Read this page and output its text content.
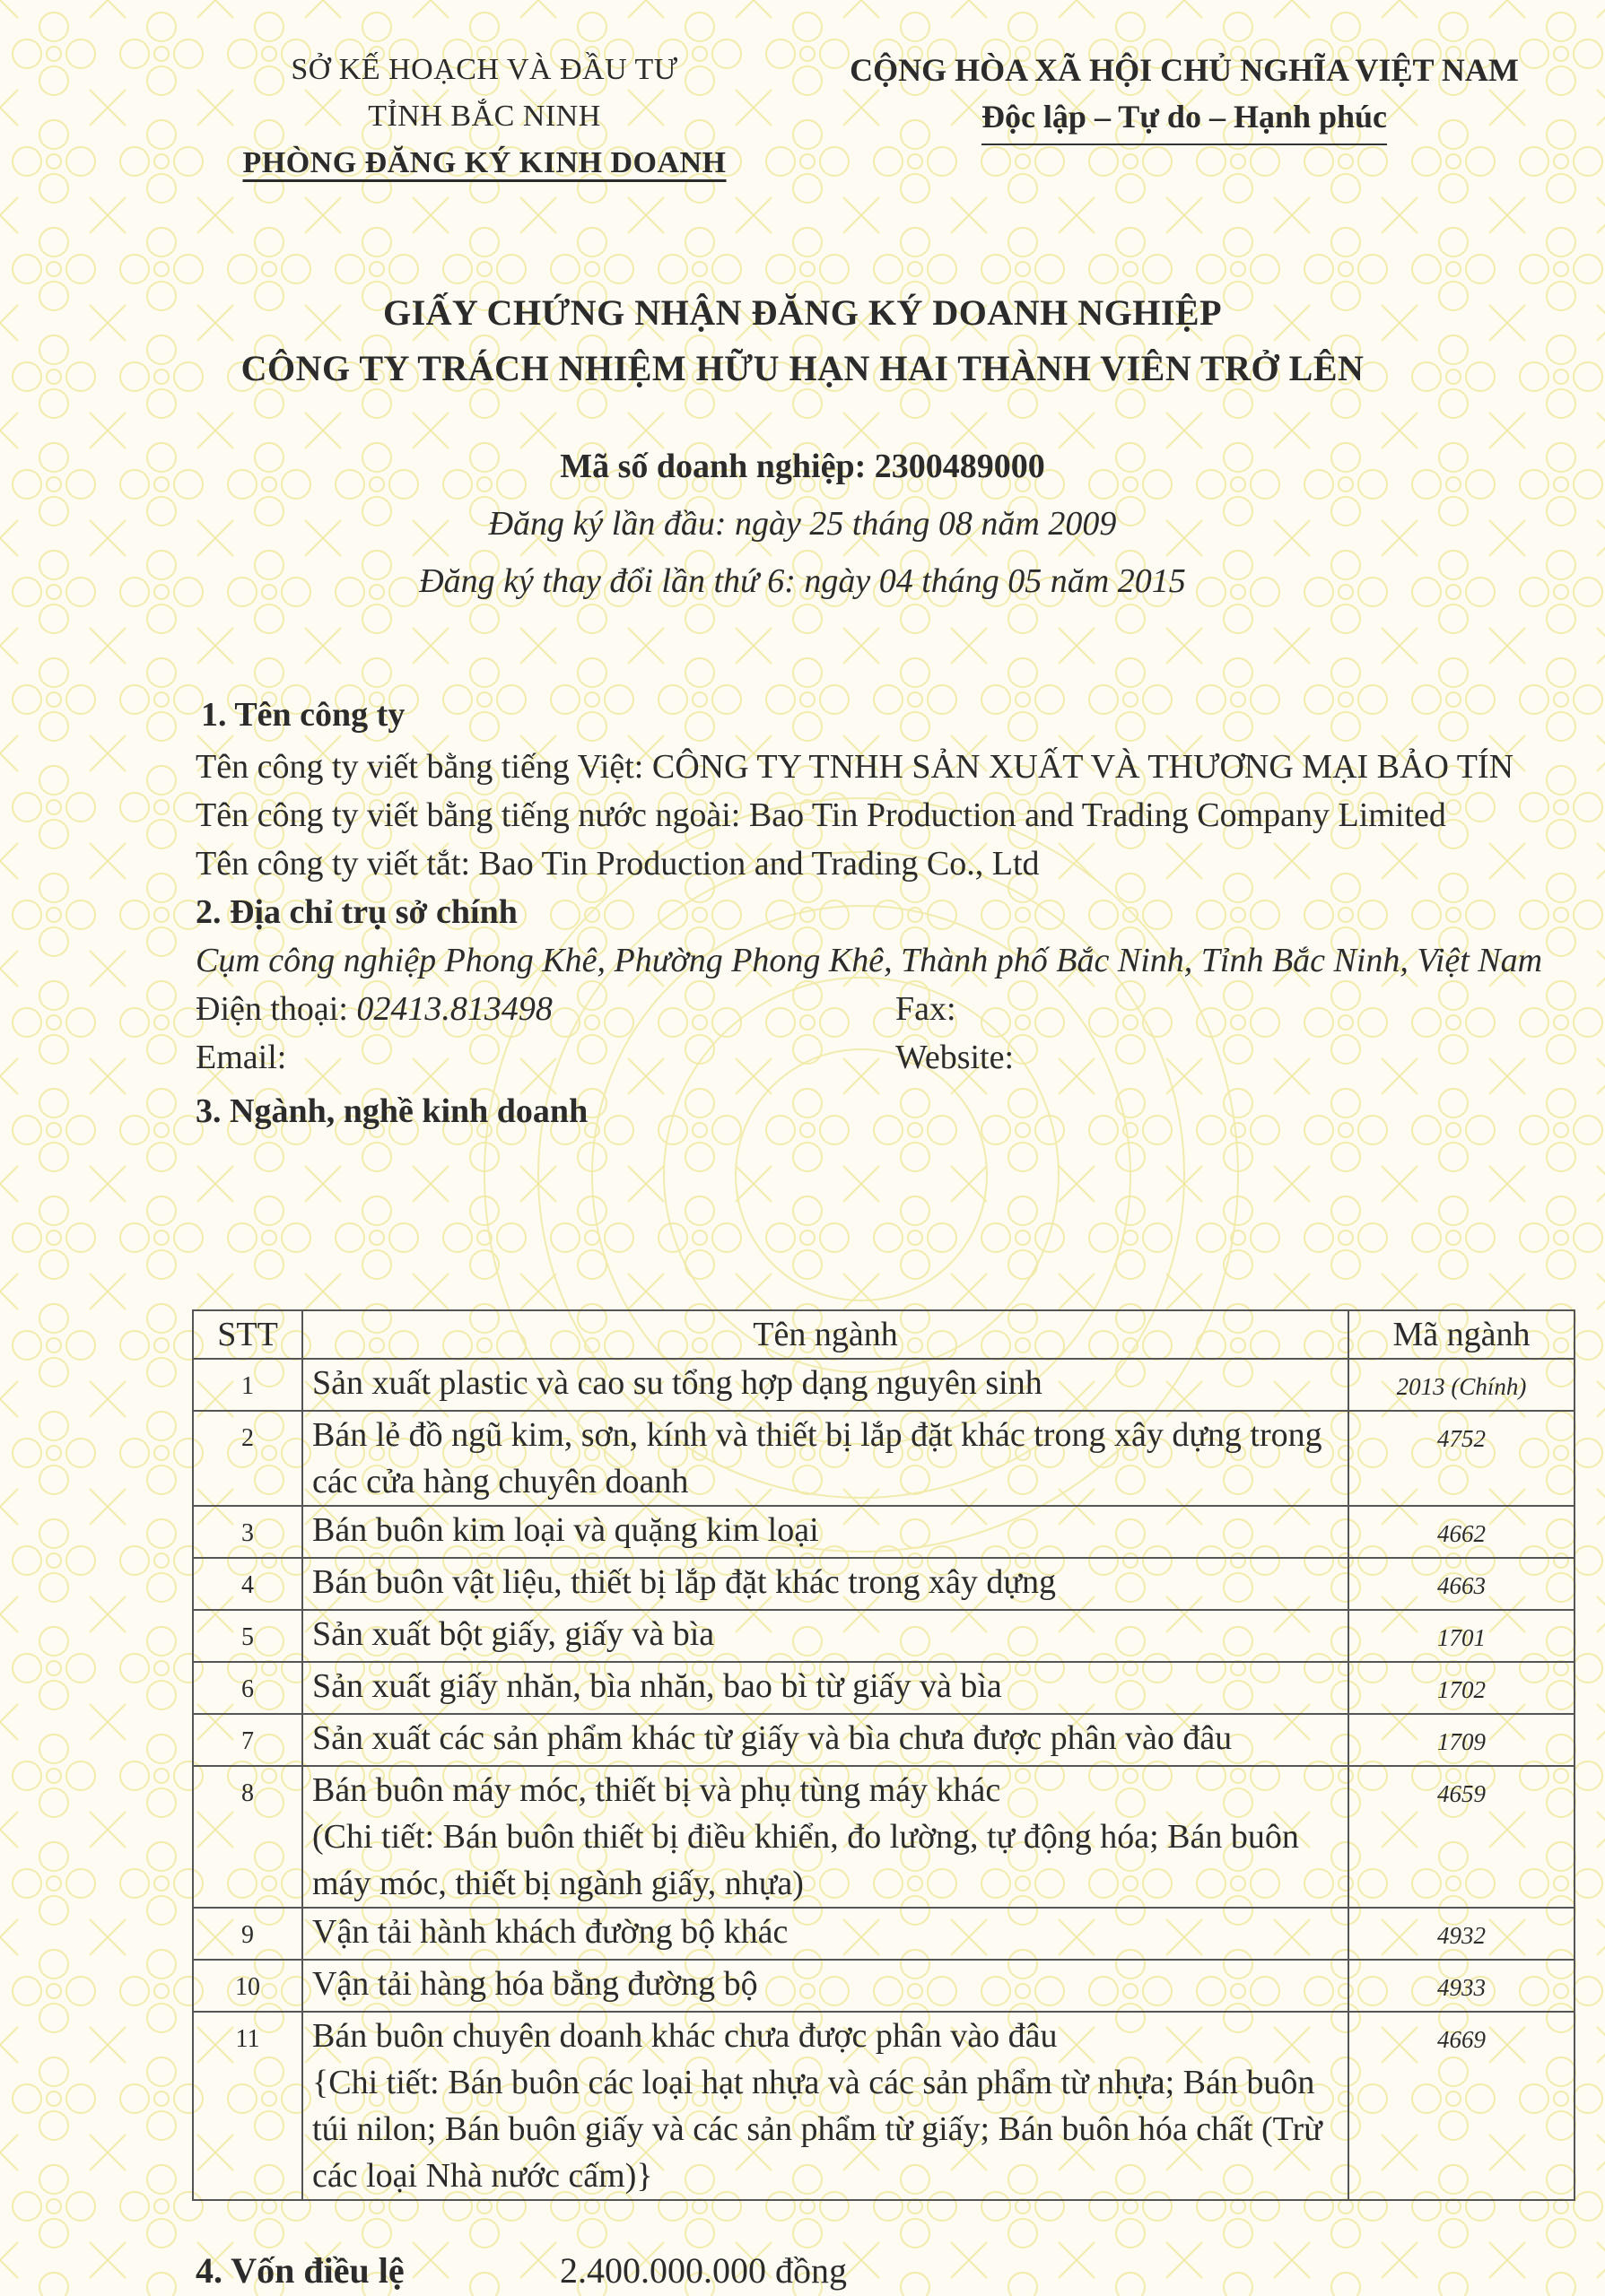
SỞ KẾ HOẠCH VÀ ĐẦU TƯ
TỈNH BẮC NINH
PHÒNG ĐĂNG KÝ KINH DOANH
CỘNG HÒA XÃ HỘI CHỦ NGHĨA VIỆT NAM
Độc lập – Tự do – Hạnh phúc
GIẤY CHỨNG NHẬN ĐĂNG KÝ DOANH NGHIỆP
CÔNG TY TRÁCH NHIỆM HỮU HẠN HAI THÀNH VIÊN TRỞ LÊN
Mã số doanh nghiệp: 2300489000
Đăng ký lần đầu: ngày 25 tháng 08 năm 2009
Đăng ký thay đổi lần thứ 6: ngày 04 tháng 05 năm 2015

1. Tên công ty

Tên công ty viết bằng tiếng Việt: CÔNG TY TNHH SẢN XUẤT VÀ THƯƠNG MẠI BẢO TÍN

Tên công ty viết bằng tiếng nước ngoài: Bao Tin Production and Trading Company Limited

Tên công ty viết tắt: Bao Tin Production and Trading Co., Ltd

2. Địa chỉ trụ sở chính

Cụm công nghiệp Phong Khê, Phường Phong Khê, Thành phố Bắc Ninh, Tỉnh Bắc Ninh, Việt Nam

Điện thoại: 02413.813498	Fax:
Email:	Website:

3. Ngành, nghề kinh doanh

STT	Tên ngành	Mã ngành
1	Sản xuất plastic và cao su tổng hợp dạng nguyên sinh	2013 (Chính)
2	Bán lẻ đồ ngũ kim, sơn, kính và thiết bị lắp đặt khác trong xây dựng trong các cửa hàng chuyên doanh	4752
3	Bán buôn kim loại và quặng kim loại	4662
4	Bán buôn vật liệu, thiết bị lắp đặt khác trong xây dựng	4663
5	Sản xuất bột giấy, giấy và bìa	1701
6	Sản xuất giấy nhăn, bìa nhăn, bao bì từ giấy và bìa	1702
7	Sản xuất các sản phẩm khác từ giấy và bìa chưa được phân vào đâu	1709
8	Bán buôn máy móc, thiết bị và phụ tùng máy khác
(Chi tiết: Bán buôn thiết bị điều khiển, đo lường, tự động hóa; Bán buôn máy móc, thiết bị ngành giấy, nhựa)	4659
9	Vận tải hành khách đường bộ khác	4932
10	Vận tải hàng hóa bằng đường bộ	4933
11	Bán buôn chuyên doanh khác chưa được phân vào đâu
{Chi tiết: Bán buôn các loại hạt nhựa và các sản phẩm từ nhựa; Bán buôn túi nilon; Bán buôn giấy và các sản phẩm từ giấy; Bán buôn hóa chất (Trừ các loại Nhà nước cấm)}	4669
4. Vốn điều lệ	2.400.000.000 đồng
